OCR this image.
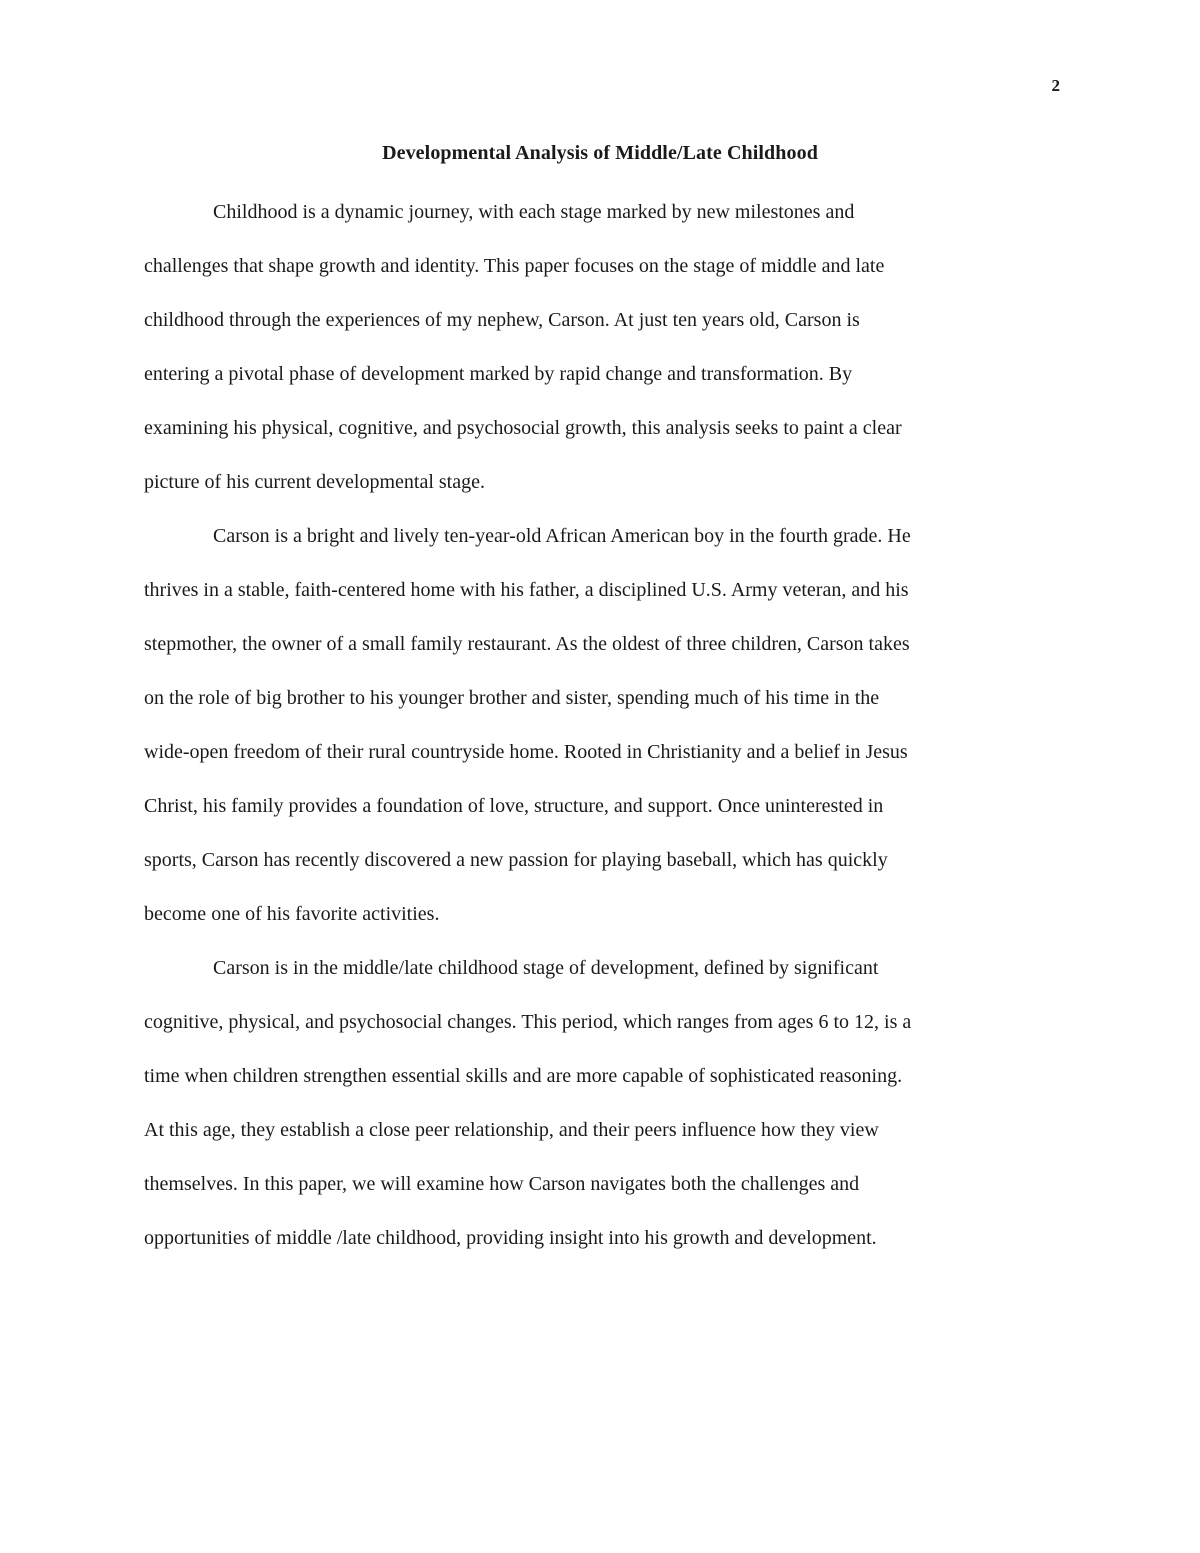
2
Developmental Analysis of Middle/Late Childhood
Childhood is a dynamic journey, with each stage marked by new milestones and
challenges that shape growth and identity. This paper focuses on the stage of middle and late
childhood through the experiences of my nephew, Carson. At just ten years old, Carson is
entering a pivotal phase of development marked by rapid change and transformation. By
examining his physical, cognitive, and psychosocial growth, this analysis seeks to paint a clear
picture of his current developmental stage.
Carson is a bright and lively ten-year-old African American boy in the fourth grade. He
thrives in a stable, faith-centered home with his father, a disciplined U.S. Army veteran, and his
stepmother, the owner of a small family restaurant. As the oldest of three children, Carson takes
on the role of big brother to his younger brother and sister, spending much of his time in the
wide-open freedom of their rural countryside home. Rooted in Christianity and a belief in Jesus
Christ, his family provides a foundation of love, structure, and support. Once uninterested in
sports, Carson has recently discovered a new passion for playing baseball, which has quickly
become one of his favorite activities.
Carson is in the middle/late childhood stage of development, defined by significant
cognitive, physical, and psychosocial changes. This period, which ranges from ages 6 to 12, is a
time when children strengthen essential skills and are more capable of sophisticated reasoning.
At this age, they establish a close peer relationship, and their peers influence how they view
themselves. In this paper, we will examine how Carson navigates both the challenges and
opportunities of middle /late childhood, providing insight into his growth and development.
